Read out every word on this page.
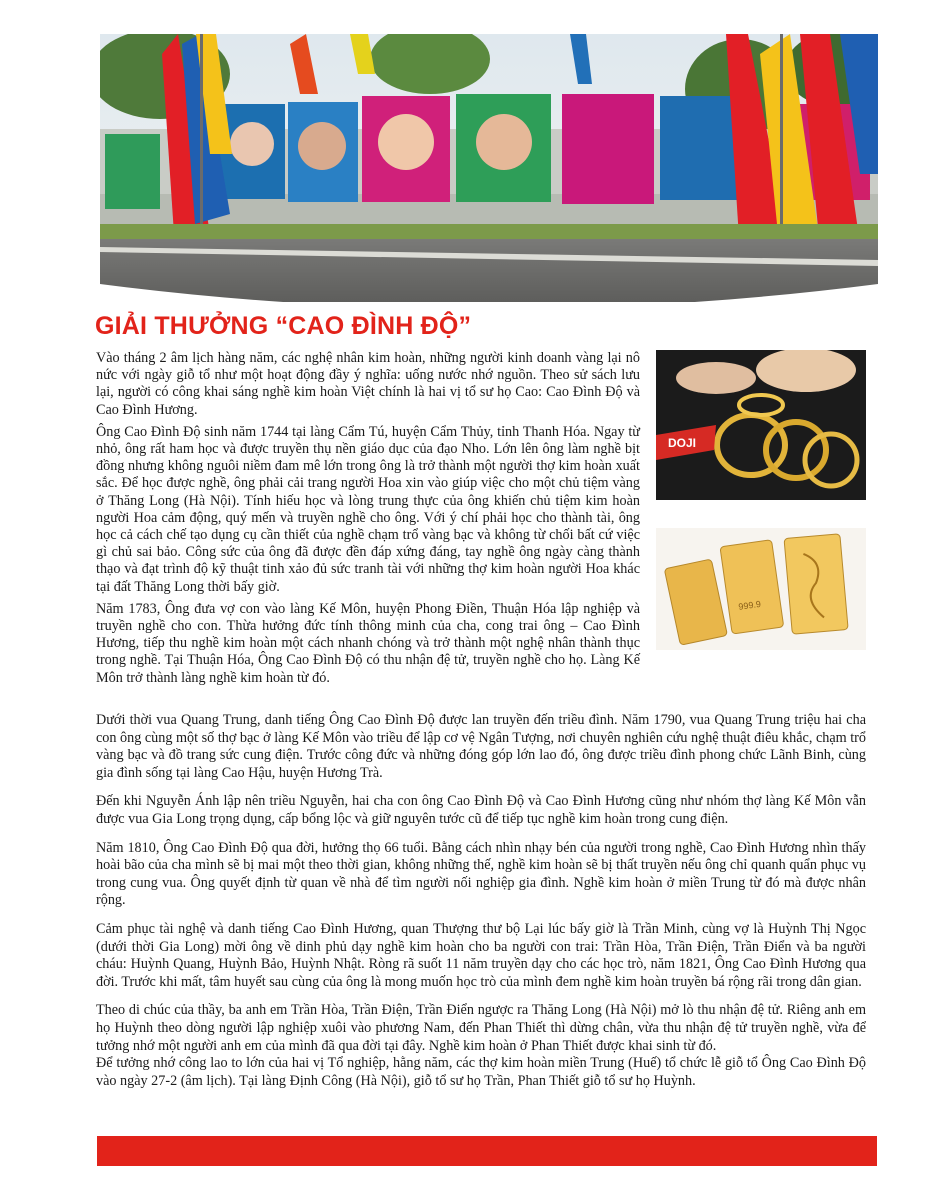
GIẢI THƯỞNG “CAO ĐÌNH ĐỘ”

Vào tháng 2 âm lịch hàng năm, các nghệ nhân kim hoàn, những người kinh doanh vàng lại nô nức với ngày giỗ tổ như một hoạt động đầy ý nghĩa: uống nước nhớ nguồn. Theo sử sách lưu lại, người có công khai sáng nghề kim hoàn Việt chính là hai vị tổ sư họ Cao: Cao Đình Độ và Cao Đình Hương.

Ông Cao Đình Độ sinh năm 1744 tại làng Cẩm Tú, huyện Cẩm Thủy, tỉnh Thanh Hóa. Ngay từ nhỏ, ông rất ham học và được truyền thụ nền giáo dục của đạo Nho. Lớn lên ông làm nghề bịt đồng nhưng không nguôi niềm đam mê lớn trong ông là trở thành một người thợ kim hoàn xuất sắc. Để học được nghề, ông phải cải trang người Hoa xin vào giúp việc cho một chủ tiệm vàng ở Thăng Long (Hà Nội). Tính hiếu học và lòng trung thực của ông khiến chủ tiệm kim hoàn người Hoa cảm động, quý mến và truyền nghề cho ông. Với ý chí phải học cho thành tài, ông học cả cách chế tạo dụng cụ cần thiết của nghề chạm trổ vàng bạc và không từ chối bất cứ việc gì chủ sai bảo. Công sức của ông đã được đền đáp xứng đáng, tay nghề ông ngày càng thành thạo và đạt trình độ kỹ thuật tinh xảo đủ sức tranh tài với những thợ kim hoàn người Hoa khác tại đất Thăng Long thời bấy giờ.

Năm 1783, Ông đưa vợ con vào làng Kế Môn, huyện Phong Điền, Thuận Hóa lập nghiệp và truyền nghề cho con. Thừa hưởng đức tính thông minh của cha, cong trai ông – Cao Đình Hương, tiếp thu nghề kim hoàn một cách nhanh chóng và trở thành một nghệ nhân thành thục trong nghề. Tại Thuận Hóa, Ông Cao Đình Độ có thu nhận đệ tử, truyền nghề cho họ. Làng Kế Môn trở thành làng nghề kim hoàn từ đó.

DOJI
999.9

Dưới thời vua Quang Trung, danh tiếng Ông Cao Đình Độ được lan truyền đến triều đình. Năm 1790, vua Quang Trung triệu hai cha con ông cùng một số thợ bạc ở làng Kế Môn vào triều để lập cơ vệ Ngân Tượng, nơi chuyên nghiên cứu nghệ thuật điêu khắc, chạm trổ vàng bạc và đồ trang sức cung điện. Trước công đức và những đóng góp lớn lao đó, ông được triều đình phong chức Lãnh Binh, cùng gia đình sống tại làng Cao Hậu, huyện Hương Trà.

Đến khi Nguyễn Ánh lập nên triều Nguyễn, hai cha con ông Cao Đình Độ và Cao Đình Hương cũng như nhóm thợ làng Kế Môn vẫn được vua Gia Long trọng dụng, cấp bổng lộc và giữ nguyên tước cũ để tiếp tục nghề kim hoàn trong cung điện.

Năm 1810, Ông Cao Đình Độ qua đời, hưởng thọ 66 tuổi. Bằng cách nhìn nhạy bén của người trong nghề, Cao Đình Hương nhìn thấy hoài bão của cha mình sẽ bị mai một theo thời gian, không những thế, nghề kim hoàn sẽ bị thất truyền nếu ông chỉ quanh quẩn phục vụ trong cung vua. Ông quyết định từ quan về nhà để tìm người nối nghiệp gia đình. Nghề kim hoàn ở miền Trung từ đó mà được nhân rộng.

Cảm phục tài nghệ và danh tiếng Cao Đình Hương, quan Thượng thư bộ Lại lúc bấy giờ là Trần Minh, cùng vợ là Huỳnh Thị Ngọc (dưới thời Gia Long) mời ông về dinh phủ dạy nghề kim hoàn cho ba người con trai: Trần Hòa, Trần Điện, Trần Điển và ba người cháu: Huỳnh Quang, Huỳnh Bảo, Huỳnh Nhật. Ròng rã suốt 11 năm truyền dạy cho các học trò, năm 1821, Ông Cao Đình Hương qua đời. Trước khi mất, tâm huyết sau cùng của ông là mong muốn học trò của mình đem nghề kim hoàn truyền bá rộng rãi trong dân gian.

Theo di chúc của thầy, ba anh em Trần Hòa, Trần Điện, Trần Điển ngược ra Thăng Long (Hà Nội) mở lò thu nhận đệ tử. Riêng anh em họ Huỳnh theo dòng người lập nghiệp xuôi vào phương Nam, đến Phan Thiết thì dừng chân, vừa thu nhận đệ tử truyền nghề, vừa để tưởng nhớ một người anh em của mình đã qua đời tại đây. Nghề kim hoàn ở Phan Thiết được khai sinh từ đó.

Để tưởng nhớ công lao to lớn của hai vị Tổ nghiệp, hằng năm, các thợ kim hoàn miền Trung (Huế) tổ chức lễ giỗ tổ Ông Cao Đình Độ vào ngày 27-2 (âm lịch). Tại làng Định Công (Hà Nội), giỗ tổ sư họ Trần, Phan Thiết giỗ tổ sư họ Huỳnh.
